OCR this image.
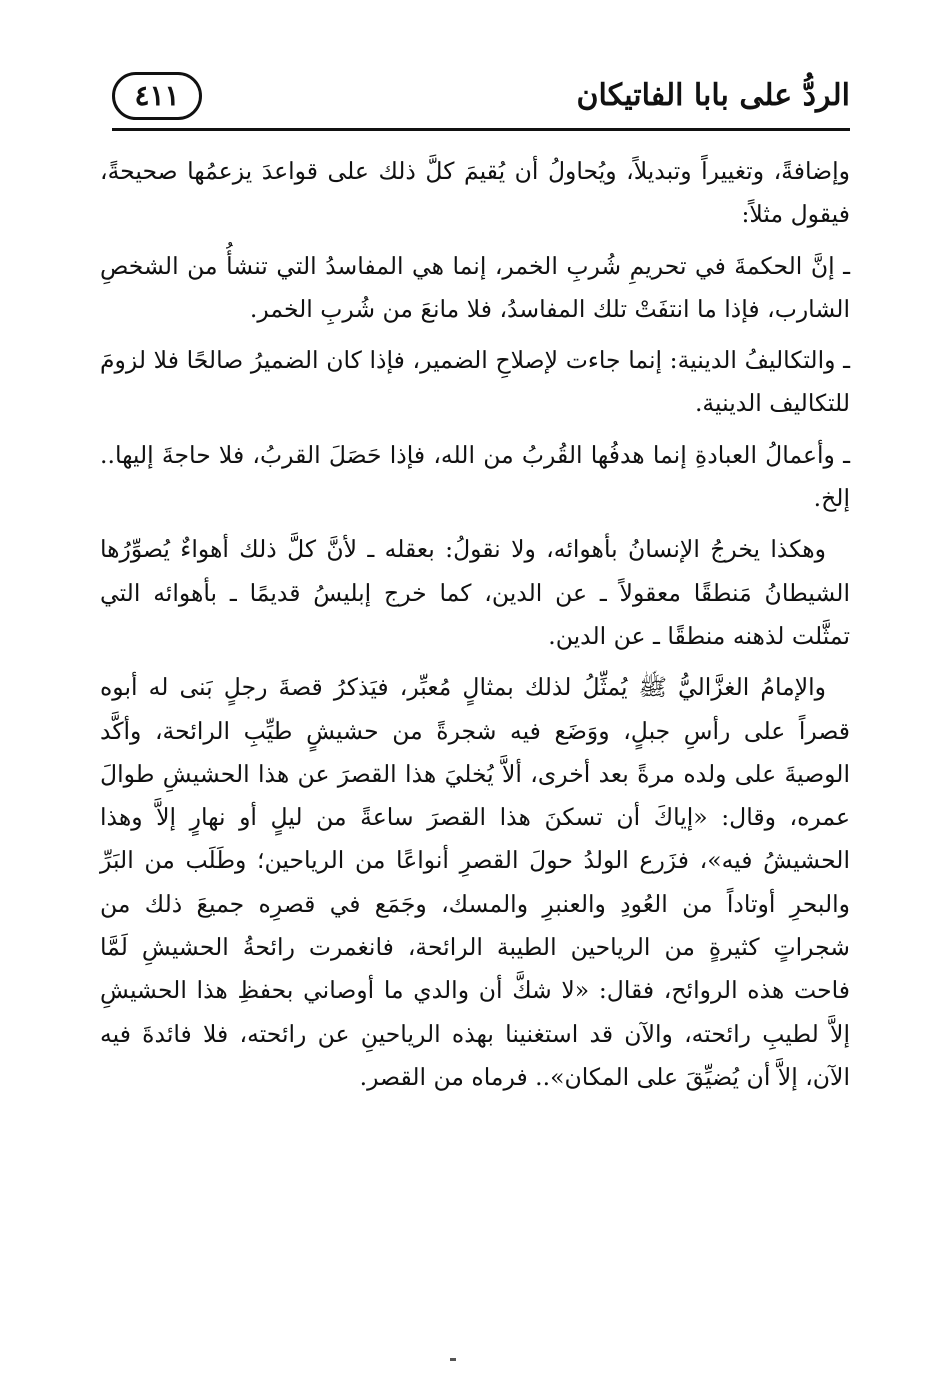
الردُّ على بابا الفاتيكان
٤١١

وإضافةً، وتغييراً وتبديلاً، ويُحاولُ أن يُقيمَ كلَّ ذلك على قواعدَ يزعمُها صحيحةً، فيقول مثلاً:

ـ إنَّ الحكمةَ في تحريمِ شُربِ الخمر، إنما هي المفاسدُ التي تنشأُ من الشخصِ الشارب، فإذا ما انتفَتْ تلك المفاسدُ، فلا مانعَ من شُربِ الخمر.

ـ والتكاليفُ الدينية: إنما جاءت لإصلاحِ الضمير، فإذا كان الضميرُ صالحًا فلا لزومَ للتكاليف الدينية.

ـ وأعمالُ العبادةِ إنما هدفُها القُربُ من الله، فإذا حَصَلَ القربُ، فلا حاجةَ إليها.. إلخ.

وهكذا يخرجُ الإنسانُ بأهوائه، ولا نقولُ: بعقله ـ لأنَّ كلَّ ذلك أهواءٌ يُصوِّرُها الشيطانُ مَنطقًا معقولاً ـ عن الدين، كما خرج إبليسُ قديمًا ـ بأهوائه التي تمثَّلت لذهنه منطقًا ـ عن الدين.

والإمامُ الغزَّاليُّ ﷺ يُمثِّلُ لذلك بمثالٍ مُعبِّر، فيَذكرُ قصةَ رجلٍ بَنى له أبوه قصراً على رأسِ جبلٍ، ووَضَع فيه شجرةً من حشيشٍ طيِّبِ الرائحة، وأكَّد الوصيةَ على ولده مرةً بعد أخرى، ألاَّ يُخليَ هذا القصرَ عن هذا الحشيشِ طوالَ عمره، وقال: «إياكَ أن تسكنَ هذا القصرَ ساعةً من ليلٍ أو نهارٍ إلاَّ وهذا الحشيشُ فيه»، فزَرع الولدُ حولَ القصرِ أنواعًا من الرياحين؛ وطَلَب من البَرِّ والبحرِ أوتاداً من العُودِ والعنبرِ والمسك، وجَمَع في قصرِه جميعَ ذلك من شجراتٍ كثيرةٍ من الرياحين الطيبة الرائحة، فانغمرت رائحةُ الحشيشِ لَمَّا فاحت هذه الروائح، فقال: «لا شكَّ أن والدي ما أوصاني بحفظِ هذا الحشيشِ إلاَّ لطيبِ رائحته، والآن قد استغنينا بهذه الرياحينِ عن رائحته، فلا فائدةَ فيه الآن، إلاَّ أن يُضيِّقَ على المكان».. فرماه من القصر.
